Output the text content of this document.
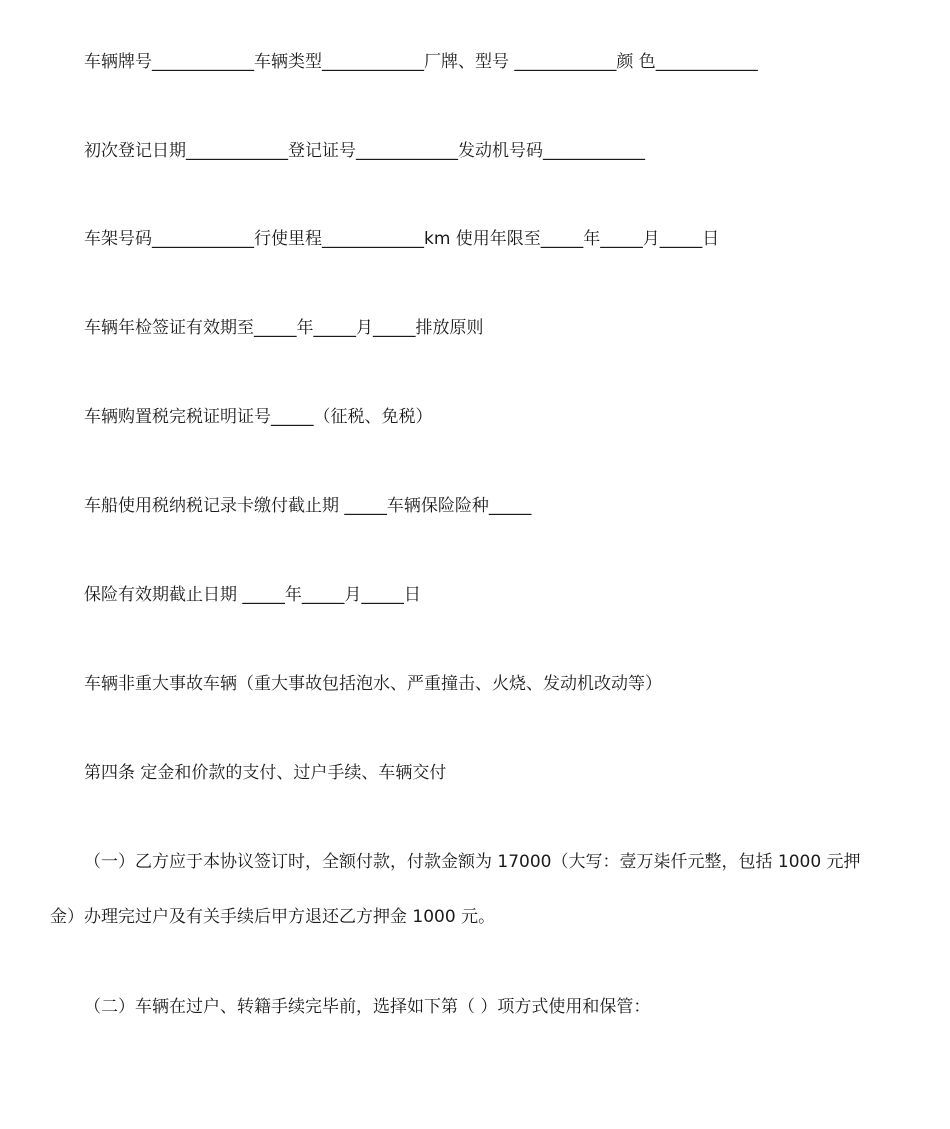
车辆牌号____________车辆类型____________厂牌、型号 ____________颜 色____________
初次登记日期____________登记证号____________发动机号码____________
车架号码____________行使里程____________km 使用年限至_____年_____月_____日
车辆年检签证有效期至_____年_____月_____排放原则
车辆购置税完税证明证号_____（征税、免税）
车船使用税纳税记录卡缴付截止期 _____车辆保险险种_____
保险有效期截止日期 _____年_____月_____日
车辆非重大事故车辆（重大事故包括泡水、严重撞击、火烧、发动机改动等）
第四条 定金和价款的支付、过户手续、车辆交付
（一）乙方应于本协议签订时，全额付款，付款金额为 17000（大写：壹万柒仟元整，包括 1000 元押
金）办理完过户及有关手续后甲方退还乙方押金 1000 元。
（二）车辆在过户、转籍手续完毕前，选择如下第（ ）项方式使用和保管：
